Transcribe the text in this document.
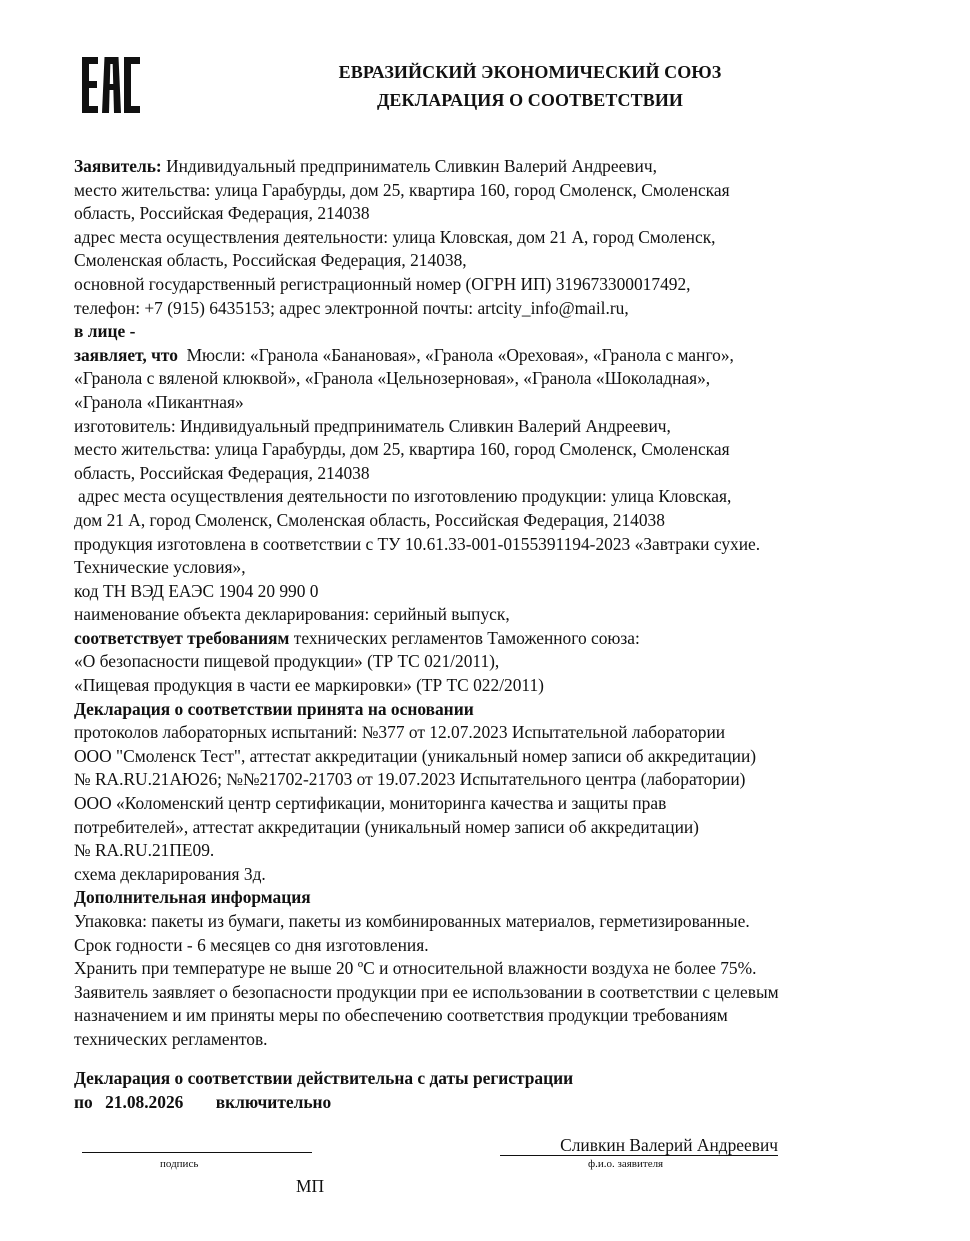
ЕВРАЗИЙСКИЙ ЭКОНОМИЧЕСКИЙ СОЮЗ
ДЕКЛАРАЦИЯ О СООТВЕТСТВИИ
Заявитель: Индивидуальный предприниматель Сливкин Валерий Андреевич,
место жительства: улица Гарабурды, дом 25, квартира 160, город Смоленск, Смоленская
область, Российская Федерация, 214038
адрес места осуществления деятельности: улица Кловская, дом 21 А, город Смоленск,
Смоленская область, Российская Федерация, 214038,
основной государственный регистрационный номер (ОГРН ИП) 319673300017492,
телефон: +7 (915) 6435153; адрес электронной почты: artcity_info@mail.ru,
в лице -
заявляет, что Мюсли: «Гранола «Банановая», «Гранола «Ореховая», «Гранола с манго»,
«Гранола с вяленой клюквой», «Гранола «Цельнозерновая», «Гранола «Шоколадная»,
«Гранола «Пикантная»
изготовитель: Индивидуальный предприниматель Сливкин Валерий Андреевич,
место жительства: улица Гарабурды, дом 25, квартира 160, город Смоленск, Смоленская
область, Российская Федерация, 214038
адрес места осуществления деятельности по изготовлению продукции: улица Кловская,
дом 21 А, город Смоленск, Смоленская область, Российская Федерация, 214038
продукция изготовлена в соответствии с ТУ 10.61.33-001-0155391194-2023 «Завтраки сухие.
Технические условия»,
код ТН ВЭД ЕАЭС 1904 20 990 0
наименование объекта декларирования: серийный выпуск,
соответствует требованиям технических регламентов Таможенного союза:
«О безопасности пищевой продукции» (ТР ТС 021/2011),
«Пищевая продукция в части ее маркировки» (ТР ТС 022/2011)
Декларация о соответствии принята на основании
протоколов лабораторных испытаний: №377 от 12.07.2023 Испытательной лаборатории
ООО "Смоленск Тест", аттестат аккредитации (уникальный номер записи об аккредитации)
№ RA.RU.21АЮ26; №№21702-21703 от 19.07.2023 Испытательного центра (лаборатории)
ООО «Коломенский центр сертификации, мониторинга качества и защиты прав
потребителей», аттестат аккредитации (уникальный номер записи об аккредитации)
№ RA.RU.21ПЕ09.
схема декларирования 3д.
Дополнительная информация
Упаковка: пакеты из бумаги, пакеты из комбинированных материалов, герметизированные.
Срок годности - 6 месяцев со дня изготовления.
Хранить при температуре не выше 20 ºС и относительной влажности воздуха не более 75%.
Заявитель заявляет о безопасности продукции при ее использовании в соответствии с целевым
назначением и им приняты меры по обеспечению соответствия продукции требованиям
технических регламентов.
Декларация о соответствии действительна с даты регистрации
по 21.08.2026 включительно
подпись
Сливкин Валерий Андреевич
ф.и.о. заявителя
МП
